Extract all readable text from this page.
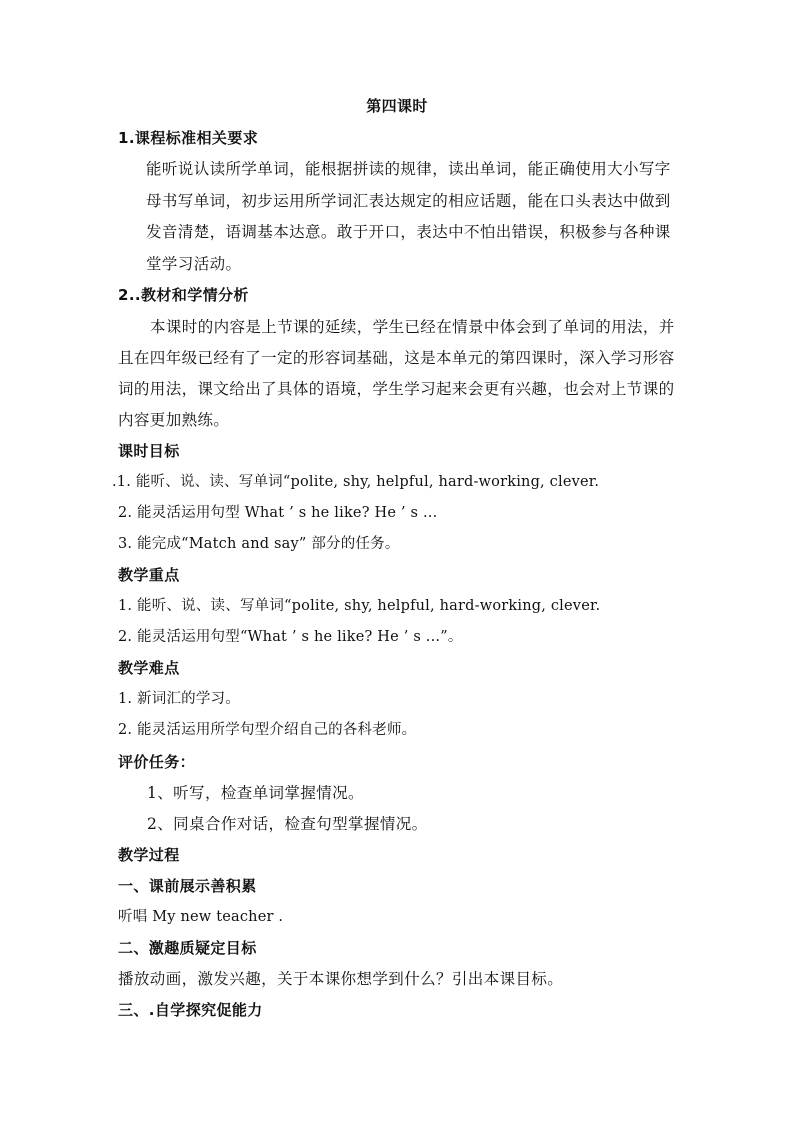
第四课时
1.课程标准相关要求
能听说认读所学单词，能根据拼读的规律，读出单词，能正确使用大小写字
母书写单词，初步运用所学词汇表达规定的相应话题，能在口头表达中做到
发音清楚，语调基本达意。敢于开口，表达中不怕出错误，积极参与各种课
堂学习活动。
2..教材和学情分析
本课时的内容是上节课的延续，学生已经在情景中体会到了单词的用法，并
且在四年级已经有了一定的形容词基础，这是本单元的第四课时，深入学习形容
词的用法，课文给出了具体的语境，学生学习起来会更有兴趣，也会对上节课的
内容更加熟练。
课时目标
.1. 能听、说、读、写单词“polite, shy, helpful, hard-working, clever.
2. 能灵活运用句型 What ’ s he like? He ’ s ...
3. 能完成“Match and say” 部分的任务。
教学重点
1. 能听、说、读、写单词“polite, shy, helpful, hard-working, clever.
2. 能灵活运用句型“What ’ s he like? He ’ s ...”。
教学难点
1. 新词汇的学习。
2. 能灵活运用所学句型介绍自己的各科老师。
评价任务：
1、听写，检查单词掌握情况。
2、同桌合作对话，检查句型掌握情况。
教学过程
一、课前展示善积累
听唱 My new teacher .
二、激趣质疑定目标
播放动画，激发兴趣，关于本课你想学到什么？引出本课目标。
三、.自学探究促能力
